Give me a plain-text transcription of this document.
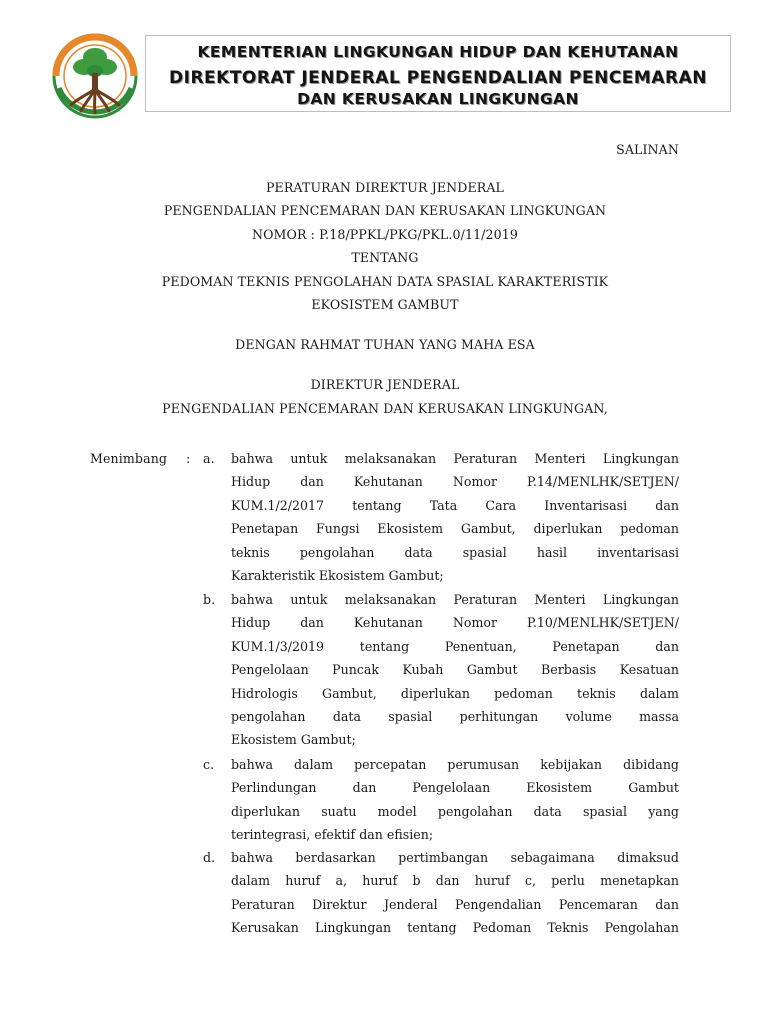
KEMENTERIAN LINGKUNGAN HIDUP DAN KEHUTANAN
DIREKTORAT JENDERAL PENGENDALIAN PENCEMARAN
DAN KERUSAKAN LINGKUNGAN
SALINAN
PERATURAN DIREKTUR JENDERAL
PENGENDALIAN PENCEMARAN DAN KERUSAKAN LINGKUNGAN
NOMOR : P.18/PPKL/PKG/PKL.0/11/2019
TENTANG
PEDOMAN TEKNIS PENGOLAHAN DATA SPASIAL KARAKTERISTIK
EKOSISTEM GAMBUT
DENGAN RAHMAT TUHAN YANG MAHA ESA
DIREKTUR JENDERAL
PENGENDALIAN PENCEMARAN DAN KERUSAKAN LINGKUNGAN,
Menimbang : a. bahwa untuk melaksanakan Peraturan Menteri Lingkungan
Hidup dan Kehutanan Nomor P.14/MENLHK/SETJEN/
KUM.1/2/2017 tentang Tata Cara Inventarisasi dan
Penetapan Fungsi Ekosistem Gambut, diperlukan pedoman
teknis pengolahan data spasial hasil inventarisasi
Karakteristik Ekosistem Gambut;
b. bahwa untuk melaksanakan Peraturan Menteri Lingkungan
Hidup dan Kehutanan Nomor P.10/MENLHK/SETJEN/
KUM.1/3/2019 tentang Penentuan, Penetapan dan
Pengelolaan Puncak Kubah Gambut Berbasis Kesatuan
Hidrologis Gambut, diperlukan pedoman teknis dalam
pengolahan data spasial perhitungan volume massa
Ekosistem Gambut;
c. bahwa dalam percepatan perumusan kebijakan dibidang
Perlindungan dan Pengelolaan Ekosistem Gambut
diperlukan suatu model pengolahan data spasial yang
terintegrasi, efektif dan efisien;
d. bahwa berdasarkan pertimbangan sebagaimana dimaksud
dalam huruf a, huruf b dan huruf c, perlu menetapkan
Peraturan Direktur Jenderal Pengendalian Pencemaran dan
Kerusakan Lingkungan tentang Pedoman Teknis Pengolahan
